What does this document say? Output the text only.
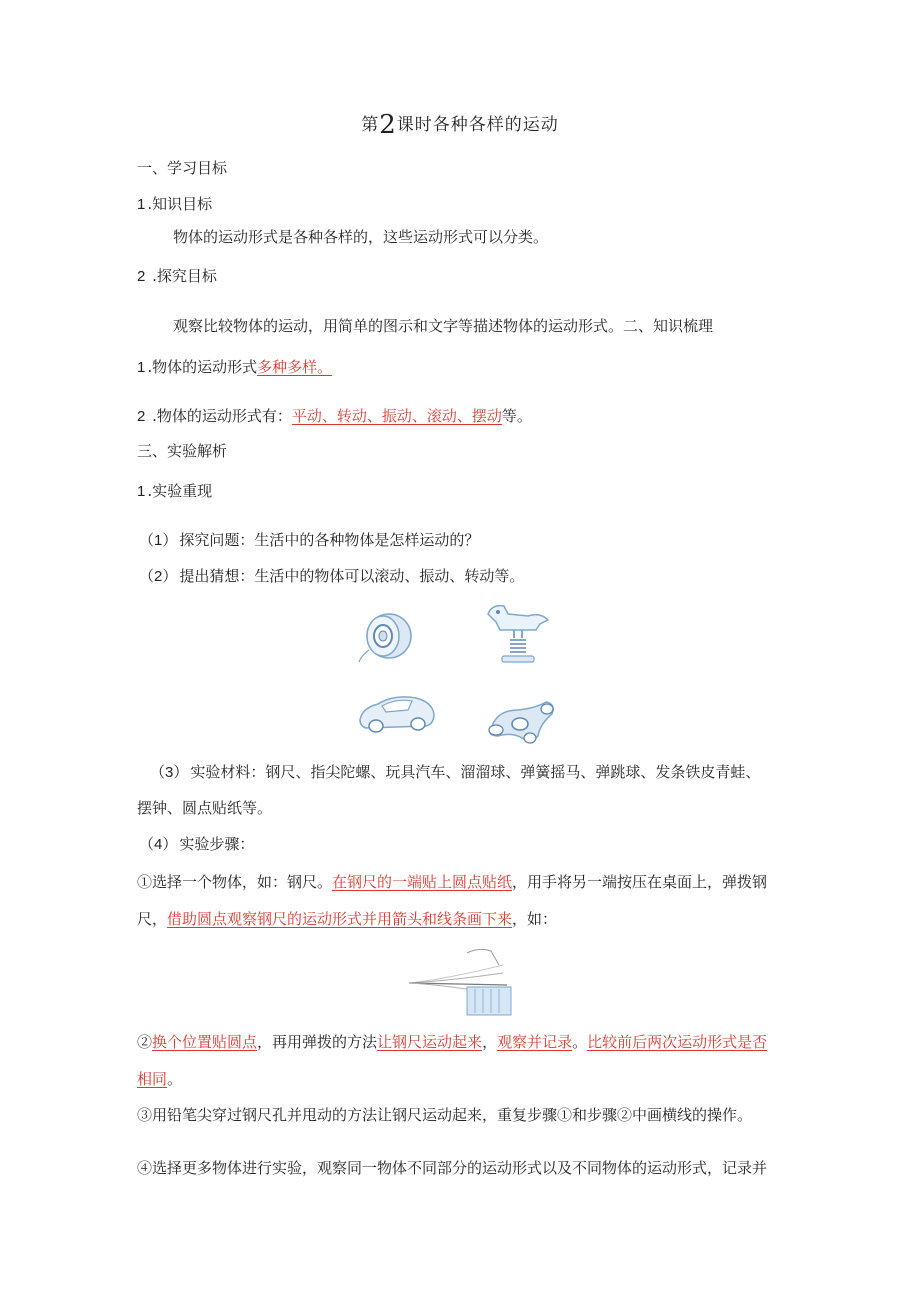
第2课时各种各样的运动
一、学习目标
1 .知识目标
物体的运动形式是各种各样的，这些运动形式可以分类。
2 .探究目标
观察比较物体的运动，用简单的图示和文字等描述物体的运动形式。二、知识梳理
1 .物体的运动形式多种多样。
2 .物体的运动形式有：平动、转动、振动、滚动、摆动等。
三、实验解析
1 .实验重现
（1） 探究问题：生活中的各种物体是怎样运动的？
（2） 提出猜想：生活中的物体可以滚动、振动、转动等。
（3） 实验材料：钢尺、指尖陀螺、玩具汽车、溜溜球、弹簧摇马、弹跳球、发条铁皮青蛙、
摆钟、圆点贴纸等。
（4） 实验步骤：
①选择一个物体，如：钢尺。在钢尺的一端贴上圆点贴纸，用手将另一端按压在桌面上，弹拨钢
尺，借助圆点观察钢尺的运动形式并用箭头和线条画下来，如：
②换个位置贴圆点，再用弹拨的方法让钢尺运动起来，观察并记录。比较前后两次运动形式是否
相同。
③用铅笔尖穿过钢尺孔并甩动的方法让钢尺运动起来，重复步骤①和步骤②中画横线的操作。
④选择更多物体进行实验，观察同一物体不同部分的运动形式以及不同物体的运动形式，记录并
